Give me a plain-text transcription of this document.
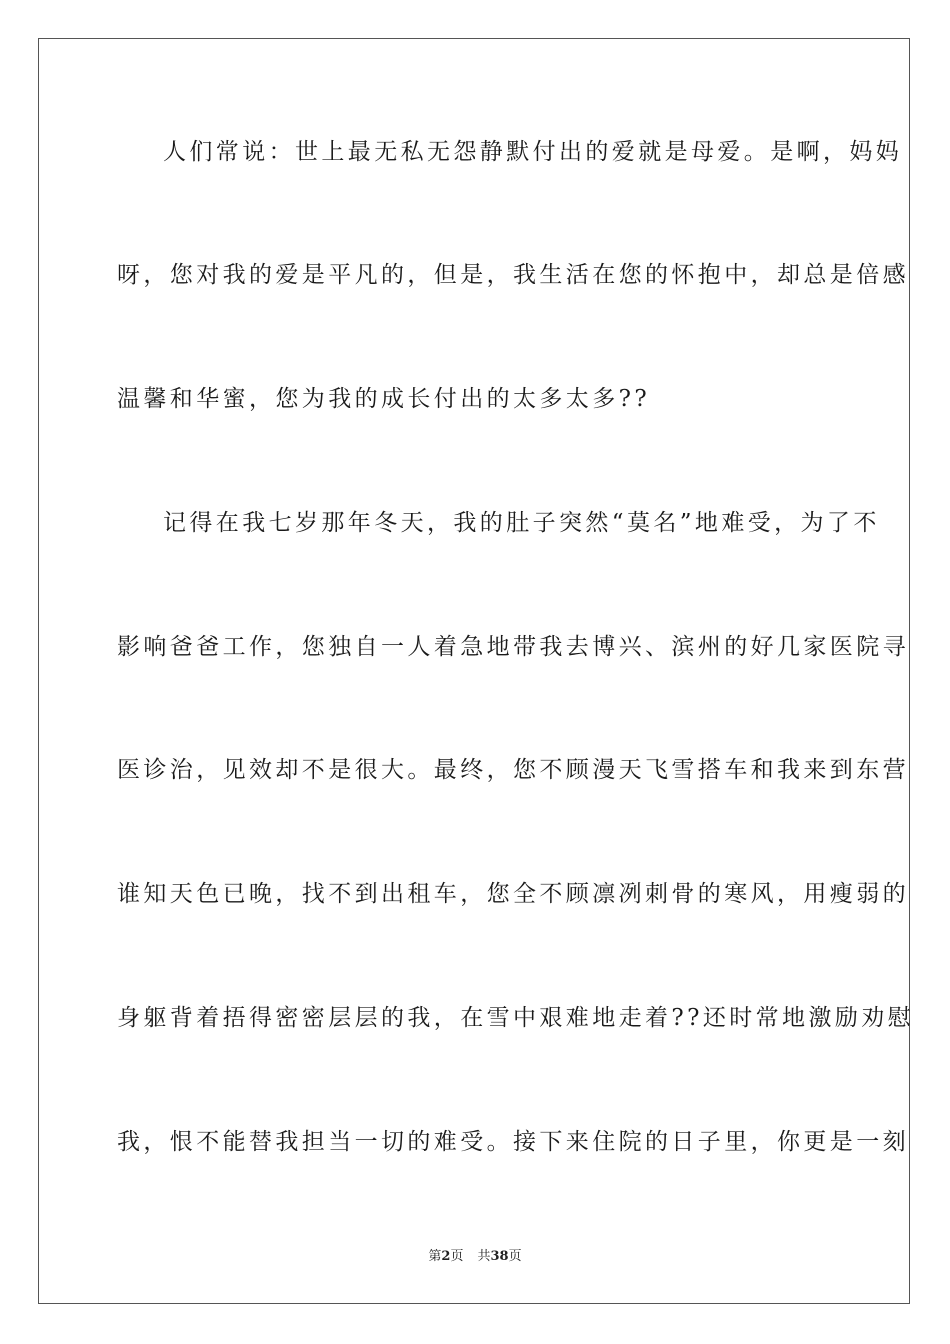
人们常说：世上最无私无怨静默付出的爱就是母爱。是啊，妈妈
呀，您对我的爱是平凡的，但是，我生活在您的怀抱中，却总是倍感
温馨和华蜜，您为我的成长付出的太多太多??
记得在我七岁那年冬天，我的肚子突然“莫名”地难受，为了不
影响爸爸工作，您独自一人着急地带我去博兴、滨州的好几家医院寻
医诊治，见效却不是很大。最终，您不顾漫天飞雪搭车和我来到东营
谁知天色已晚，找不到出租车，您全不顾凛冽刺骨的寒风，用瘦弱的
身躯背着捂得密密层层的我，在雪中艰难地走着??还时常地激励劝慰
我，恨不能替我担当一切的难受。接下来住院的日子里，你更是一刻
第2页 共38页
